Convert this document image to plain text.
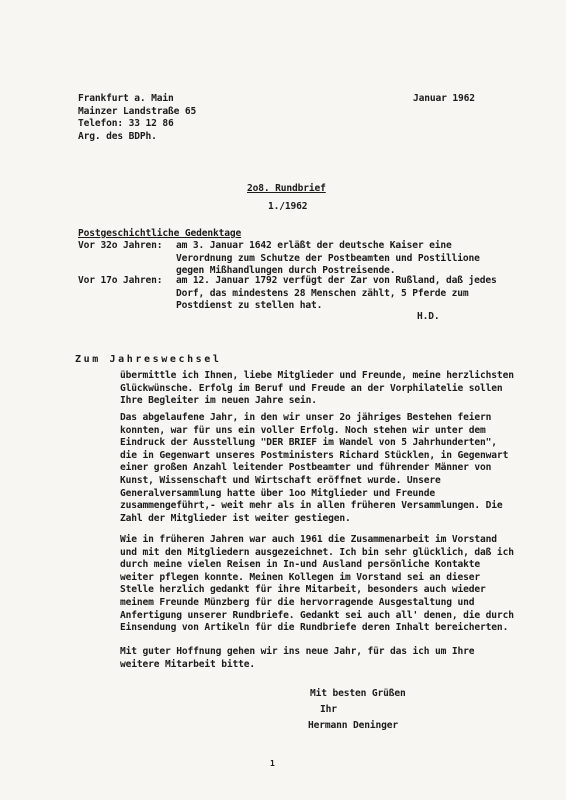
Frankfurt a. Main
Mainzer Landstraße 65
Telefon: 33 12 86
Arg. des BDPh.
Januar 1962
2o8. Rundbrief
1./1962
Postgeschichtliche Gedenktage
Vor 32o Jahren: am 3. Januar 1642 erläßt der deutsche Kaiser eine Verordnung zum Schutze der Postbeamten und Postillione gegen Mißhandlungen durch Postreisende.
Vor 17o Jahren: am 12. Januar 1792 verfügt der Zar von Rußland, daß jedes Dorf, das mindestens 28 Menschen zählt, 5 Pferde zum Postdienst zu stellen hat.
H.D.
Zum Jahreswechsel
übermittle ich Ihnen, liebe Mitglieder und Freunde, meine herzlichsten Glückwünsche. Erfolg im Beruf und Freude an der Vorphilatelie sollen Ihre Begleiter im neuen Jahre sein.
Das abgelaufene Jahr, in den wir unser 2o jähriges Bestehen feiern konnten, war für uns ein voller Erfolg. Noch stehen wir unter dem Eindruck der Ausstellung "DER BRIEF im Wandel von 5 Jahrhunderten", die in Gegenwart unseres Postministers Richard Stücklen, in Gegenwart einer großen Anzahl leitender Postbeamter und führender Männer von Kunst, Wissenschaft und Wirtschaft eröffnet wurde. Unsere Generalversammlung hatte über 1oo Mitglieder und Freunde zusammengeführt,- weit mehr als in allen früheren Versammlungen. Die Zahl der Mitglieder ist weiter gestiegen.
Wie in früheren Jahren war auch 1961 die Zusammenarbeit im Vorstand und mit den Mitgliedern ausgezeichnet. Ich bin sehr glücklich, daß ich durch meine vielen Reisen in In-und Ausland persönliche Kontakte weiter pflegen konnte. Meinen Kollegen im Vorstand sei an dieser Stelle herzlich gedankt für ihre Mitarbeit, besonders auch wieder meinem Freunde Münzberg für die hervorragende Ausgestaltung und Anfertigung unserer Rundbriefe. Gedankt sei auch all' denen, die durch Einsendung von Artikeln für die Rundbriefe deren Inhalt bereicherten.
Mit guter Hoffnung gehen wir ins neue Jahr, für das ich um Ihre weitere Mitarbeit bitte.
Mit besten Grüßen
Ihr
Hermann Deninger
1
